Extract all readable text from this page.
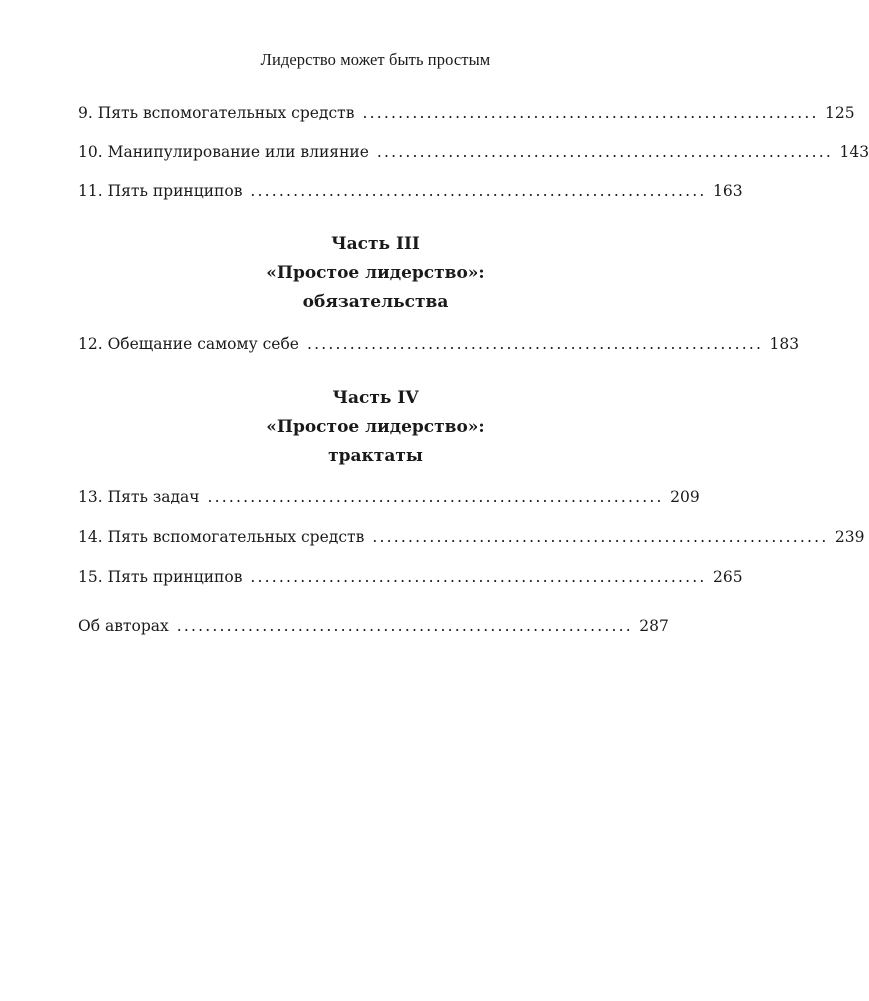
Лидерство может быть простым
9. Пять вспомогательных средств ................................................................ 125
10. Манипулирование или влияние ................................................................ 143
11. Пять принципов ................................................................ 163
Часть III
«Простое лидерство»:
обязательства
12. Обещание самому себе ................................................................ 183
Часть IV
«Простое лидерство»:
трактаты
13. Пять задач ................................................................ 209
14. Пять вспомогательных средств ................................................................ 239
15. Пять принципов ................................................................ 265
Об авторах ................................................................ 287
